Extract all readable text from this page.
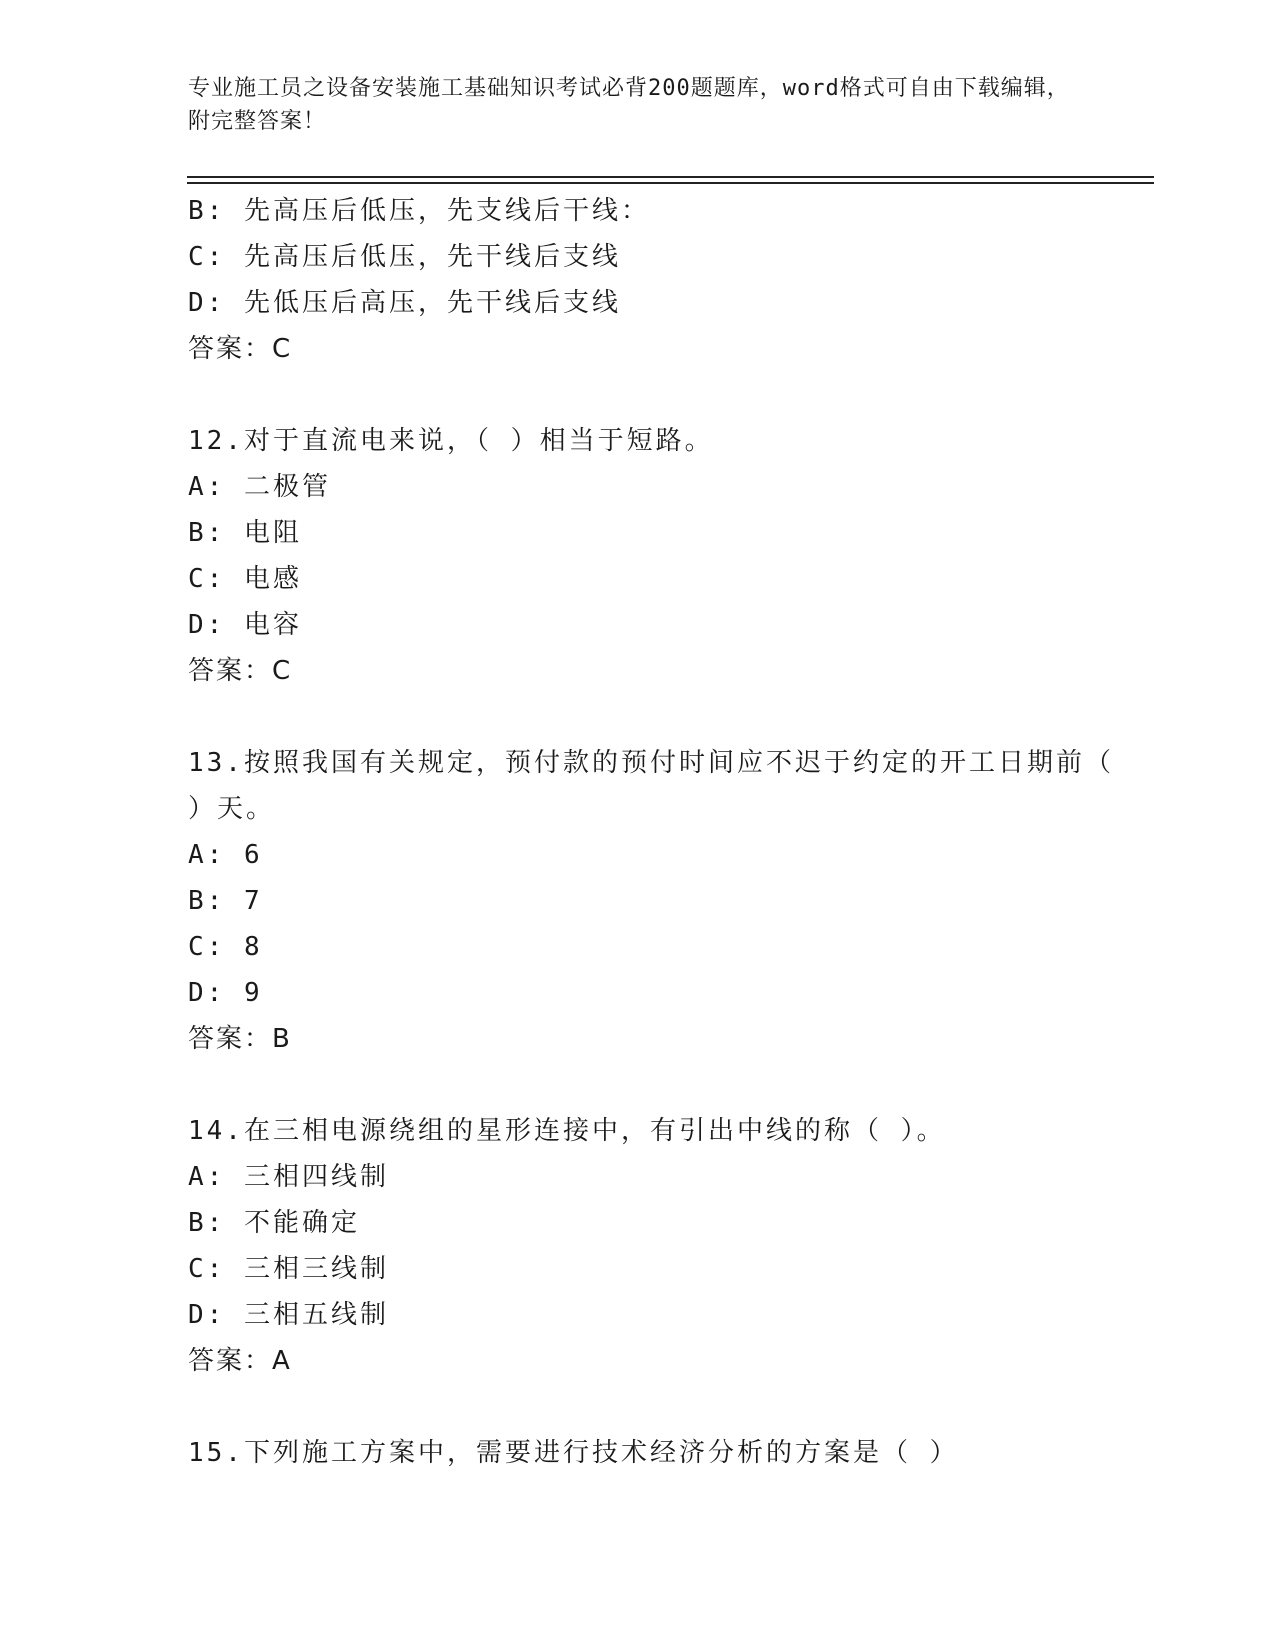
专业施工员之设备安装施工基础知识考试必背200题题库，word格式可自由下载编辑，附完整答案！
B: 先高压后低压，先支线后干线：
C: 先高压后低压，先干线后支线
D: 先低压后高压，先干线后支线
答案：C
12.对于直流电来说，（ ）相当于短路。
A: 二极管
B: 电阻
C: 电感
D: 电容
答案：C
13.按照我国有关规定，预付款的预付时间应不迟于约定的开工日期前（ ）天。
A: 6
B: 7
C: 8
D: 9
答案：B
14.在三相电源绕组的星形连接中，有引出中线的称（ ）。
A: 三相四线制
B: 不能确定
C: 三相三线制
D: 三相五线制
答案：A
15.下列施工方案中，需要进行技术经济分析的方案是（ ）
